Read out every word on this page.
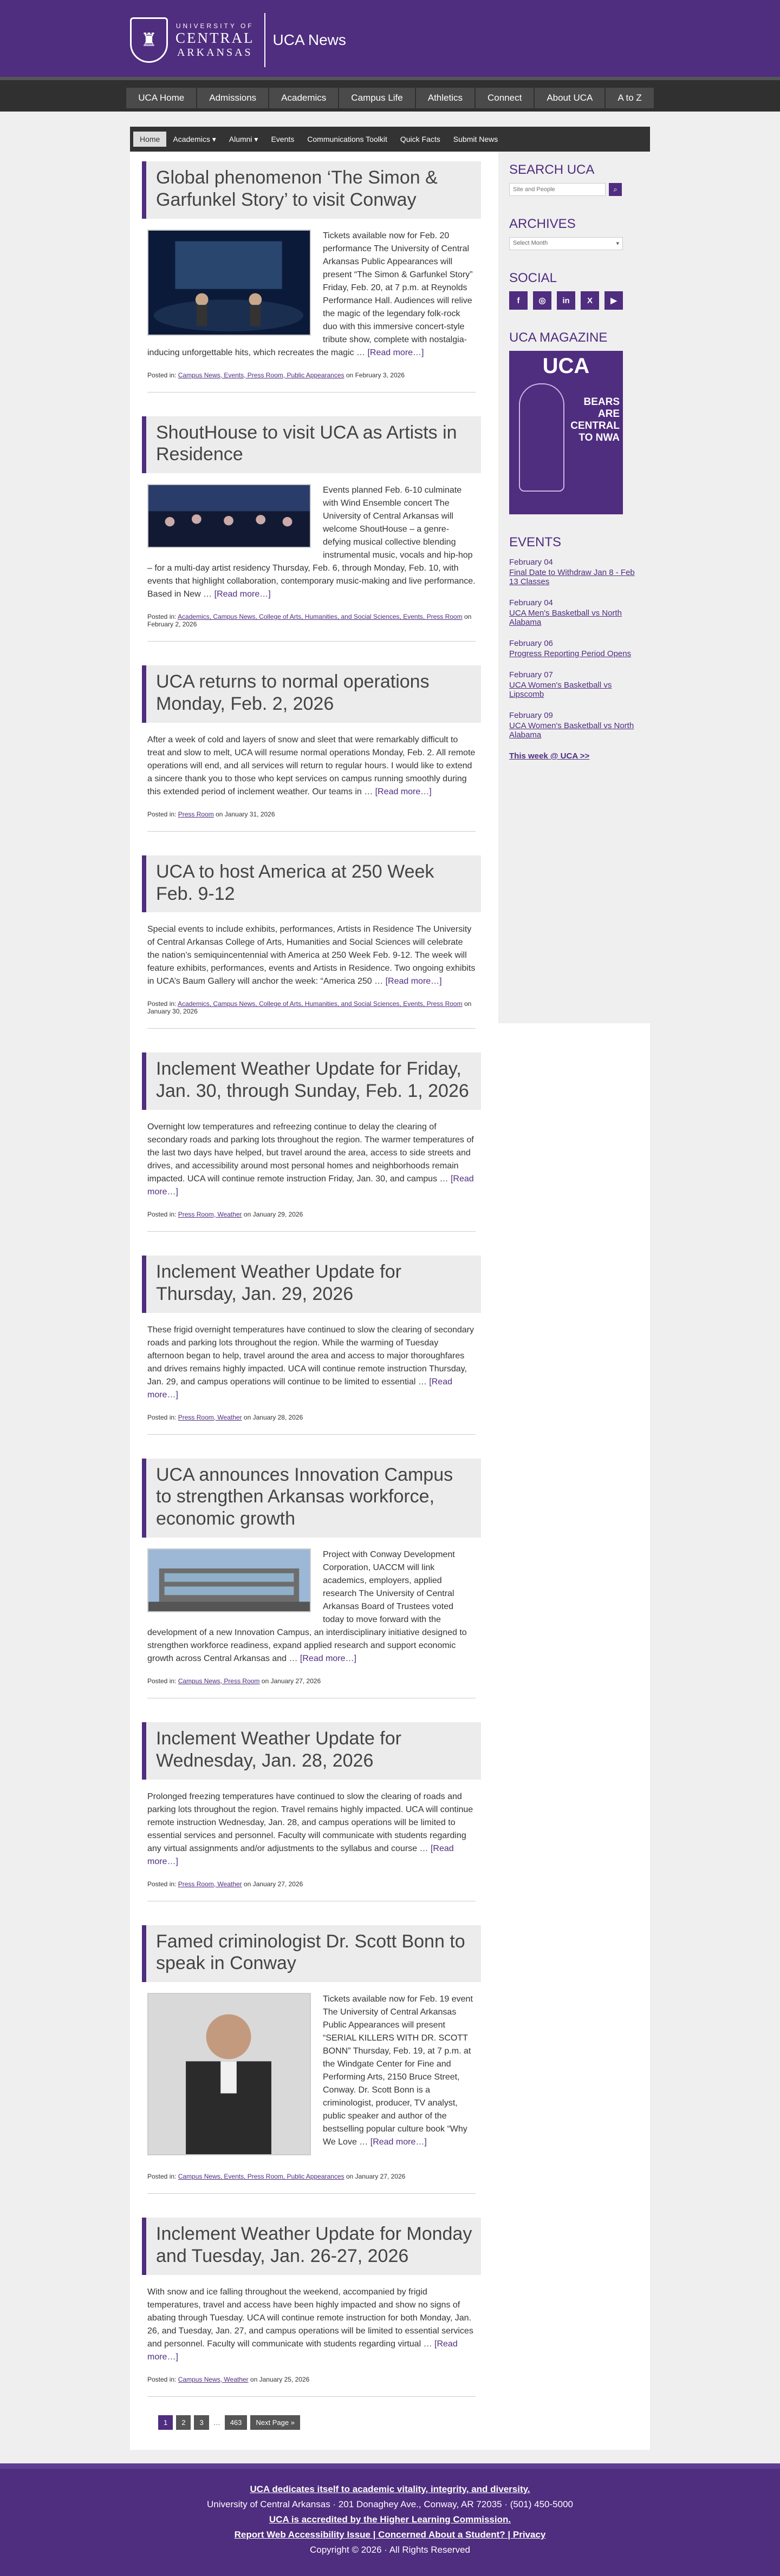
♜
UNIVERSITY OF
CENTRAL
ARKANSAS
UCA News
UCA Home	Admissions	Academics	Campus Life	Athletics	Connect	About UCA	A to Z
Home	Academics ▾	Alumni ▾	Events	Communications Toolkit	Quick Facts	Submit News
Global phenomenon ‘The Simon & Garfunkel Story’ to visit Conway
Tickets available now for Feb. 20 performance The University of Central Arkansas Public Appearances will present “The Simon & Garfunkel Story” Friday, Feb. 20, at 7 p.m. at Reynolds Performance Hall. Audiences will relive the magic of the legendary folk-rock duo with this immersive concert-style tribute show, complete with nostalgia-inducing unforgettable hits, which recreates the magic … [Read more…]
Posted in: Campus News, Events, Press Room, Public Appearances on February 3, 2026
ShoutHouse to visit UCA as Artists in Residence
Events planned Feb. 6-10 culminate with Wind Ensemble concert The University of Central Arkansas will welcome ShoutHouse – a genre-defying musical collective blending instrumental music, vocals and hip-hop – for a multi-day artist residency Thursday, Feb. 6, through Monday, Feb. 10, with events that highlight collaboration, contemporary music-making and live performance. Based in New … [Read more…]
Posted in: Academics, Campus News, College of Arts, Humanities, and Social Sciences, Events, Press Room on February 2, 2026
UCA returns to normal operations Monday, Feb. 2, 2026
After a week of cold and layers of snow and sleet that were remarkably difficult to treat and slow to melt, UCA will resume normal operations Monday, Feb. 2. All remote operations will end, and all services will return to regular hours. I would like to extend a sincere thank you to those who kept services on campus running smoothly during this extended period of inclement weather. Our teams in … [Read more…]
Posted in: Press Room on January 31, 2026
UCA to host America at 250 Week Feb. 9-12
Special events to include exhibits, performances, Artists in Residence The University of Central Arkansas College of Arts, Humanities and Social Sciences will celebrate the nation’s semiquincentennial with America at 250 Week Feb. 9-12. The week will feature exhibits, performances, events and Artists in Residence. Two ongoing exhibits in UCA’s Baum Gallery will anchor the week: “America 250 … [Read more…]
Posted in: Academics, Campus News, College of Arts, Humanities, and Social Sciences, Events, Press Room on January 30, 2026
Inclement Weather Update for Friday, Jan. 30, through Sunday, Feb. 1, 2026
Overnight low temperatures and refreezing continue to delay the clearing of secondary roads and parking lots throughout the region. The warmer temperatures of the last two days have helped, but travel around the area, access to side streets and drives, and accessibility around most personal homes and neighborhoods remain impacted. UCA will continue remote instruction Friday, Jan. 30, and campus … [Read more…]
Posted in: Press Room, Weather on January 29, 2026
Inclement Weather Update for Thursday, Jan. 29, 2026
These frigid overnight temperatures have continued to slow the clearing of secondary roads and parking lots throughout the region. While the warming of Tuesday afternoon began to help, travel around the area and access to major thoroughfares and drives remains highly impacted. UCA will continue remote instruction Thursday, Jan. 29, and campus operations will continue to be limited to essential … [Read more…]
Posted in: Press Room, Weather on January 28, 2026
UCA announces Innovation Campus to strengthen Arkansas workforce, economic growth
Project with Conway Development Corporation, UACCM will link academics, employers, applied research The University of Central Arkansas Board of Trustees voted today to move forward with the development of a new Innovation Campus, an interdisciplinary initiative designed to strengthen workforce readiness, expand applied research and support economic growth across Central Arkansas and … [Read more…]
Posted in: Campus News, Press Room on January 27, 2026
Inclement Weather Update for Wednesday, Jan. 28, 2026
Prolonged freezing temperatures have continued to slow the clearing of roads and parking lots throughout the region. Travel remains highly impacted. UCA will continue remote instruction Wednesday, Jan. 28, and campus operations will be limited to essential services and personnel. Faculty will communicate with students regarding any virtual assignments and/or adjustments to the syllabus and course … [Read more…]
Posted in: Press Room, Weather on January 27, 2026
Famed criminologist Dr. Scott Bonn to speak in Conway
Tickets available now for Feb. 19 event The University of Central Arkansas Public Appearances will present “SERIAL KILLERS WITH DR. SCOTT BONN” Thursday, Feb. 19, at 7 p.m. at the Windgate Center for Fine and Performing Arts, 2150 Bruce Street, Conway. Dr. Scott Bonn is a criminologist, producer, TV analyst, public speaker and author of the bestselling popular culture book “Why We Love … [Read more…]
Posted in: Campus News, Events, Press Room, Public Appearances on January 27, 2026
Inclement Weather Update for Monday and Tuesday, Jan. 26-27, 2026
With snow and ice falling throughout the weekend, accompanied by frigid temperatures, travel and access have been highly impacted and show no signs of abating through Tuesday. UCA will continue remote instruction for both Monday, Jan. 26, and Tuesday, Jan. 27, and campus operations will be limited to essential services and personnel. Faculty will communicate with students regarding virtual … [Read more…]
Posted in: Campus News, Weather on January 25, 2026
1	2	3	…	463	Next Page »
SEARCH UCA
Site and People
⌕
ARCHIVES
Select Month	▾
SOCIAL
f	◎	in	X	▶
UCA MAGAZINE
UCA
BEARS ARE CENTRAL TO NWA
EVENTS
February 04
Final Date to Withdraw Jan 8 - Feb 13 Classes
February 04
UCA Men's Basketball vs North Alabama
February 06
Progress Reporting Period Opens
February 07
UCA Women's Basketball vs Lipscomb
February 09
UCA Women's Basketball vs North Alabama
This week @ UCA >>
UCA dedicates itself to academic vitality, integrity, and diversity.
University of Central Arkansas · 201 Donaghey Ave., Conway, AR 72035 · (501) 450-5000
UCA is accredited by the Higher Learning Commission.
Report Web Accessibility Issue | Concerned About a Student? | Privacy
Copyright © 2026 · All Rights Reserved
